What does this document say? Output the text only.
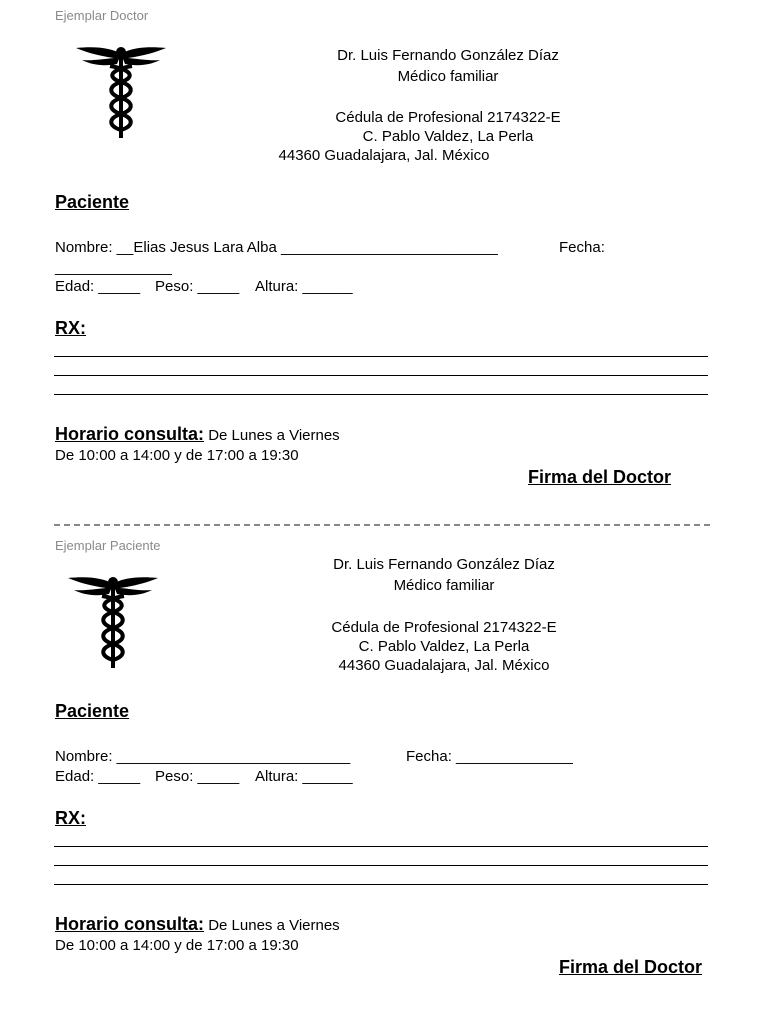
Ejemplar Doctor
Dr. Luis Fernando González Díaz
Médico familiar
Cédula de Profesional 2174322-E
C. Pablo Valdez, La Perla
44360 Guadalajara, Jal. México
Paciente
Nombre: __Elias Jesus Lara Alba __________________________	Fecha:
______________
Edad: _____ Peso: _____ Altura: ______
RX:
Horario consulta: De Lunes a Viernes
De 10:00 a 14:00 y de 17:00 a 19:30
Firma del Doctor
Ejemplar Paciente
Dr. Luis Fernando González Díaz
Médico familiar
Cédula de Profesional 2174322-E
C. Pablo Valdez, La Perla
44360 Guadalajara, Jal. México
Paciente
Nombre: ____________________________	Fecha: ______________
Edad: _____ Peso: _____ Altura: ______
RX:
Horario consulta: De Lunes a Viernes
De 10:00 a 14:00 y de 17:00 a 19:30
Firma del Doctor
